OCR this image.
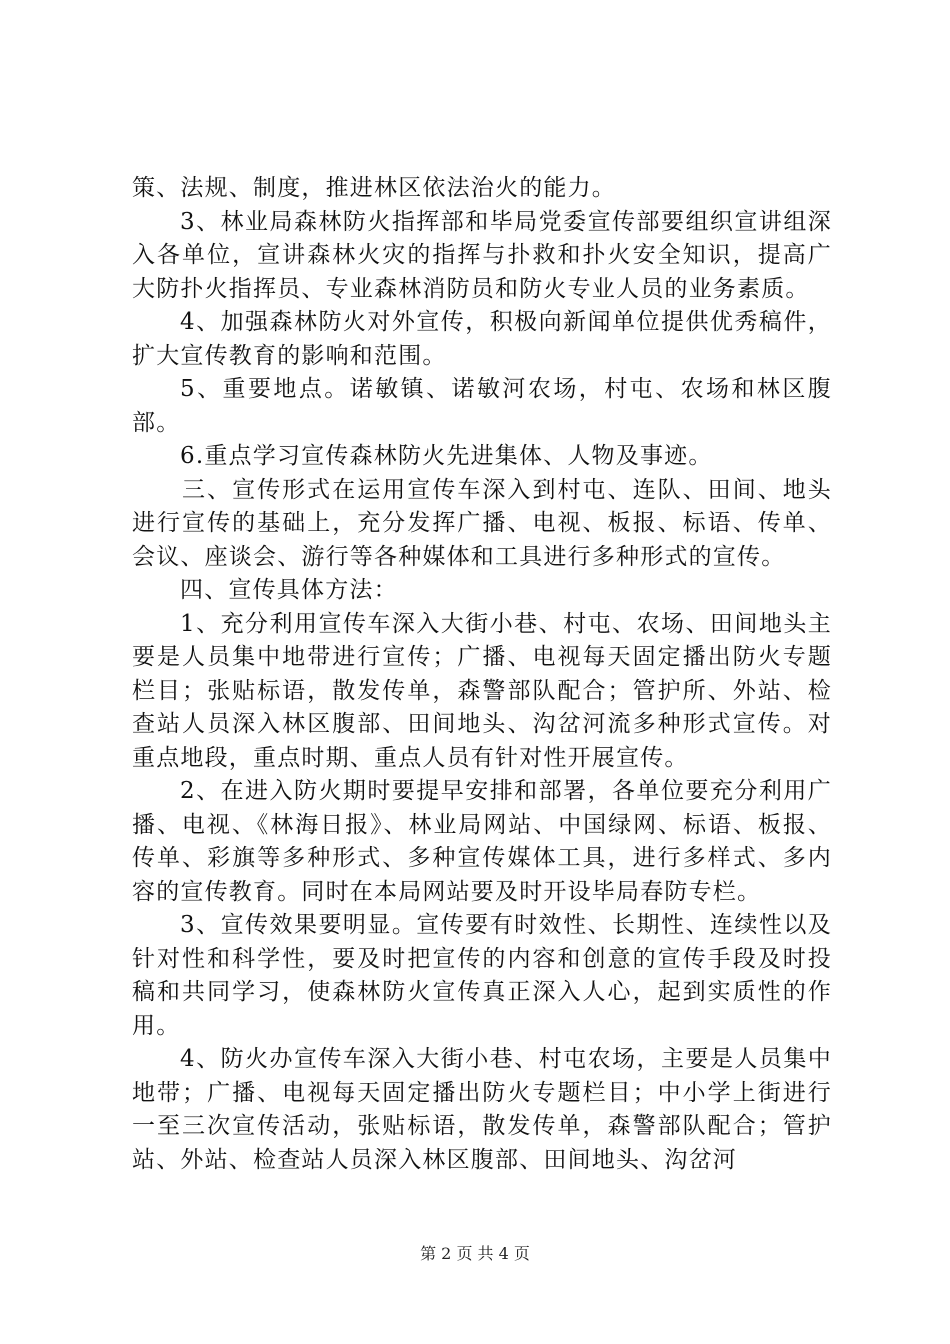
策、法规、制度，推进林区依法治火的能力。

3、林业局森林防火指挥部和毕局党委宣传部要组织宣讲组深入各单位，宣讲森林火灾的指挥与扑救和扑火安全知识，提高广大防扑火指挥员、专业森林消防员和防火专业人员的业务素质。

4、加强森林防火对外宣传，积极向新闻单位提供优秀稿件，扩大宣传教育的影响和范围。

5、重要地点。诺敏镇、诺敏河农场，村屯、农场和林区腹部。

6.重点学习宣传森林防火先进集体、人物及事迹。

三、宣传形式在运用宣传车深入到村屯、连队、田间、地头进行宣传的基础上，充分发挥广播、电视、板报、标语、传单、会议、座谈会、游行等各种媒体和工具进行多种形式的宣传。

四、宣传具体方法：

1、充分利用宣传车深入大街小巷、村屯、农场、田间地头主要是人员集中地带进行宣传；广播、电视每天固定播出防火专题栏目；张贴标语，散发传单，森警部队配合；管护所、外站、检查站人员深入林区腹部、田间地头、沟岔河流多种形式宣传。对重点地段，重点时期、重点人员有针对性开展宣传。

2、在进入防火期时要提早安排和部署，各单位要充分利用广播、电视、《林海日报》、林业局网站、中国绿网、标语、板报、传单、彩旗等多种形式、多种宣传媒体工具，进行多样式、多内容的宣传教育。同时在本局网站要及时开设毕局春防专栏。

3、宣传效果要明显。宣传要有时效性、长期性、连续性以及针对性和科学性，要及时把宣传的内容和创意的宣传手段及时投稿和共同学习，使森林防火宣传真正深入人心，起到实质性的作用。

4、防火办宣传车深入大街小巷、村屯农场，主要是人员集中地带；广播、电视每天固定播出防火专题栏目；中小学上街进行一至三次宣传活动，张贴标语，散发传单，森警部队配合；管护站、外站、检查站人员深入林区腹部、田间地头、沟岔河

第 2 页 共 4 页
